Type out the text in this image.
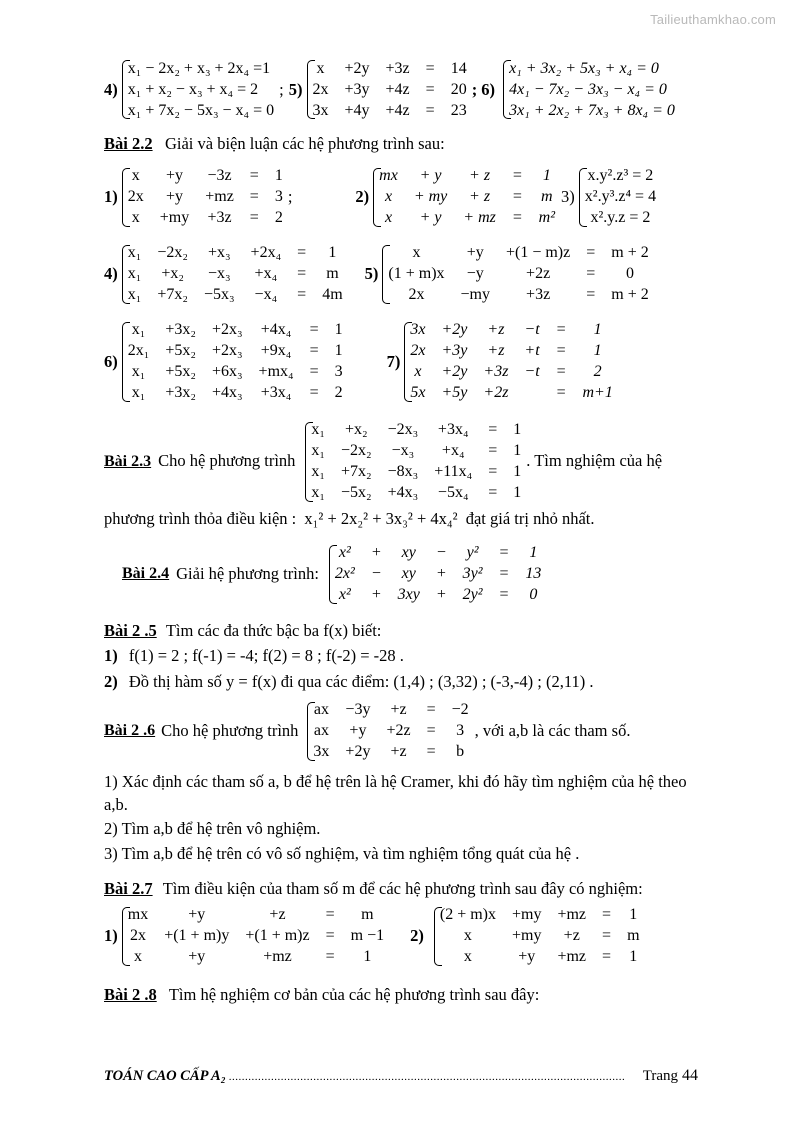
Tailieuthamkhao.com
4)
x₁ − 2x₂ + x₃ + 2x₄ =1
x₁ + x₂ − x₃ + x₄ = 2
x₁ + 7x₂ − 5x₃ − x₄ = 0
; 5)
x		+2y		+3z		=		14
2x		+3y		+4z		=		20
3x		+4y		+4z		=		23
; 6)
x₁ + 3x₂ + 5x₃ + x₄ = 0
4x₁ − 7x₂ − 3x₃ − x₄ = 0
3x₁ + 2x₂ + 7x₃ + 8x₄ = 0

Bài 2.2 Giải và biện luận các hệ phương trình sau:

1)
x		+y		−3z		=		1
2x		+y		+mz		=		3
x		+my		+3z		=		2
;	2)
mx		+ y		+ z		=		1
x		+ my		+ z		=		m
x		+ y		+ mz		=		m²
3)
x.y².z³ = 2
x².y³.z⁴ = 4
x².y.z = 2
4)
x₁		−2x₂		+x₃		+2x₄		=		1
x₁		+x₂		−x₃		+x₄		=		m
x₁		+7x₂		−5x₃		−x₄		=		4m
5)
x		+y		+(1 − m)z		=		m + 2
(1 + m)x		−y		+2z		=		0
2x		−my		+3z		=		m + 2
6)
x₁		+3x₂		+2x₃		+4x₄		=		1
2x₁		+5x₂		+2x₃		+9x₄		=		1
x₁		+5x₂		+6x₃		+mx₄		=		3
x₁		+3x₂		+4x₃		+3x₄		=		2
7)
3x		+2y		+z		−t		=		1
2x		+3y		+z		+t		=		1
x		+2y		+3z		−t		=		2
5x		+5y		+2z				=		m+1
Bài 2.3 Cho hệ phương trình
x₁		+x₂		−2x₃		+3x₄		=		1
x₁		−2x₂		−x₃		+x₄		=		1
x₁		+7x₂		−8x₃		+11x₄		=		1
x₁		−5x₂		+4x₃		−5x₄		=		1
. Tìm nghiệm của hệ

phương trình thỏa điều kiện : x₁² + 2x₂² + 3x₃² + 4x₄² đạt giá trị nhỏ nhất.

Bài 2.4 Giải hệ phương trình:
x²		+		xy		−		y²		=		1
2x²		−		xy		+		3y²		=		13
x²		+		3xy		+		2y²		=		0

Bài 2 .5 Tìm các đa thức bậc ba f(x) biết:

1) f(1) = 2 ; f(-1) = -4; f(2) = 8 ; f(-2) = -28 .

2) Đồ thị hàm số y = f(x) đi qua các điểm: (1,4) ; (3,32) ; (-3,-4) ; (2,11) .

Bài 2 .6 Cho hệ phương trình
ax		−3y		+z		=		−2
ax		+y		+2z		=		3
3x		+2y		+z		=		b
, với a,b là các tham số.

1) Xác định các tham số a, b để hệ trên là hệ Cramer, khi đó hãy tìm nghiệm của hệ theo a,b.

2) Tìm a,b để hệ trên vô nghiệm.

3) Tìm a,b để hệ trên có vô số nghiệm, và tìm nghiệm tổng quát của hệ .

Bài 2.7 Tìm điều kiện của tham số m để các hệ phương trình sau đây có nghiệm:

1)
mx		+y		+z		=		m
2x		+(1 + m)y		+(1 + m)z		=		m −1
x		+y		+mz		=		1
2)
(2 + m)x		+my		+mz		=		1
x		+my		+z		=		m
x		+y		+mz		=		1

Bài 2 .8 Tìm hệ nghiệm cơ bản của các hệ phương trình sau đây:

TOÁN CAO CẤP A₂ ..........................................................................................................................	Trang 44
